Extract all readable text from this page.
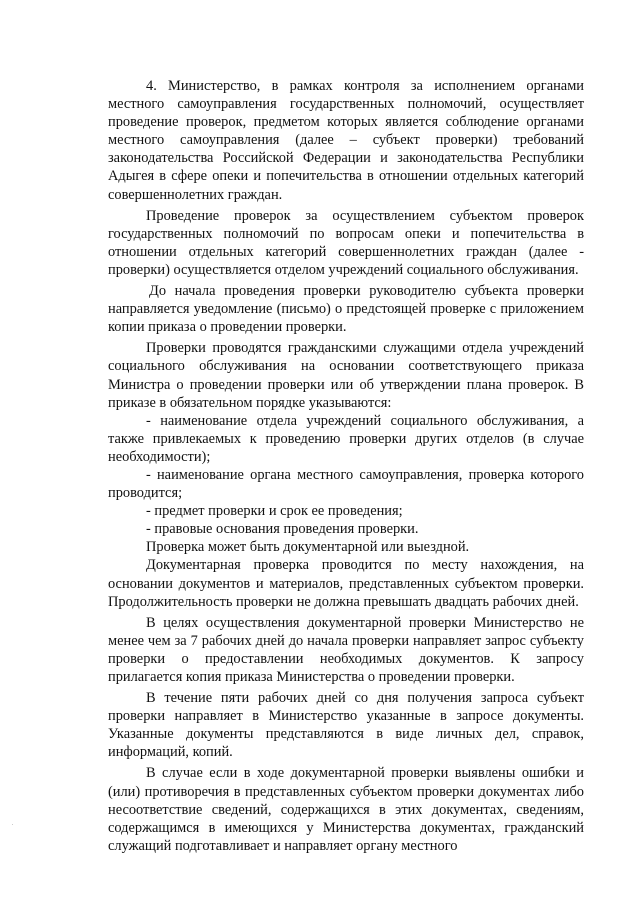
4. Министерство, в рамках контроля за исполнением органами местного самоуправления государственных полномочий, осуществляет проведение проверок, предметом которых является соблюдение органами местного самоуправления (далее – субъект проверки) требований законодательства Российской Федерации и законодательства Республики Адыгея в сфере опеки и попечительства в отношении отдельных категорий совершеннолетних граждан.

Проведение проверок за осуществлением субъектом проверок государственных полномочий по вопросам опеки и попечительства в отношении отдельных категорий совершеннолетних граждан (далее - проверки) осуществляется отделом учреждений социального обслуживания.

До начала проведения проверки руководителю субъекта проверки направляется уведомление (письмо) о предстоящей проверке с приложением копии приказа о проведении проверки.

Проверки проводятся гражданскими служащими отдела учреждений социального обслуживания на основании соответствующего приказа Министра о проведении проверки или об утверждении плана проверок. В приказе в обязательном порядке указываются:

- наименование отдела учреждений социального обслуживания, а также привлекаемых к проведению проверки других отделов (в случае необходимости);

- наименование органа местного самоуправления, проверка которого проводится;

- предмет проверки и срок ее проведения;

- правовые основания проведения проверки.

Проверка может быть документарной или выездной.

Документарная проверка проводится по месту нахождения, на основании документов и материалов, представленных субъектом проверки. Продолжительность проверки не должна превышать двадцать рабочих дней.

В целях осуществления документарной проверки Министерство не менее чем за 7 рабочих дней до начала проверки направляет запрос субъекту проверки о предоставлении необходимых документов. К запросу прилагается копия приказа Министерства о проведении проверки.

В течение пяти рабочих дней со дня получения запроса субъект проверки направляет в Министерство указанные в запросе документы. Указанные документы представляются в виде личных дел, справок, информаций, копий.

В случае если в ходе документарной проверки выявлены ошибки и (или) противоречия в представленных субъектом проверки документах либо несоответствие сведений, содержащихся в этих документах, сведениям, содержащимся в имеющихся у Министерства документах, гражданский служащий подготавливает и направляет органу местного
